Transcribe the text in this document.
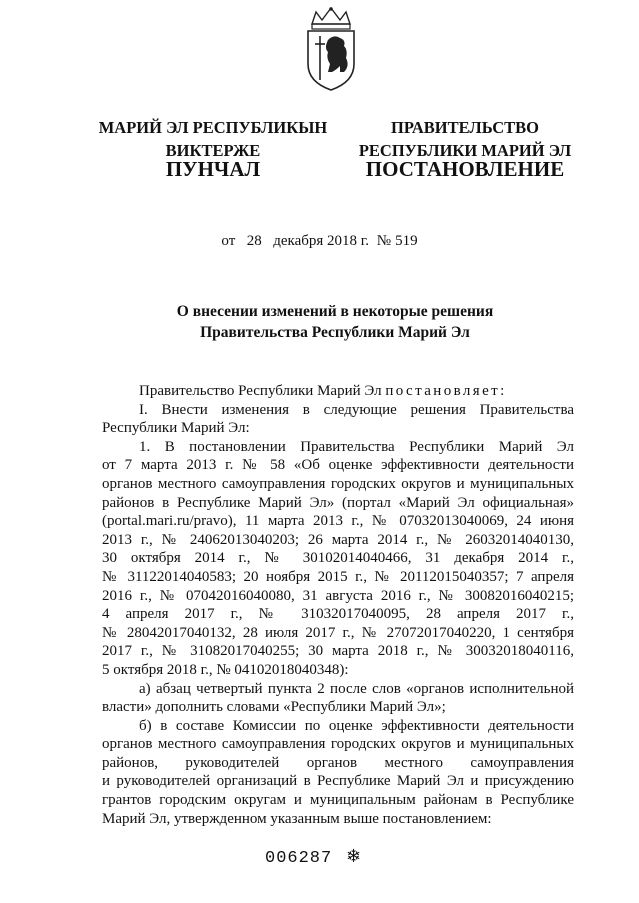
МАРИЙ ЭЛ РЕСПУБЛИКЫН
ВИКТЕРЖЕ
ПРАВИТЕЛЬСТВО
РЕСПУБЛИКИ МАРИЙ ЭЛ
ПУНЧАЛ	ПОСТАНОВЛЕНИЕ
от 28 декабря 2018 г. № 519
О внесении изменений в некоторые решения
Правительства Республики Марий Эл
Правительство Республики Марий Эл постановляет:
I. Внести изменения в следующие решения Правительства
Республики Марий Эл:
1. В постановлении Правительства Республики Марий Эл
от 7 марта 2013 г. № 58 «Об оценке эффективности деятельности
органов местного самоуправления городских округов и муниципальных
районов в Республике Марий Эл» (портал «Марий Эл официальная»
(portal.mari.ru/pravo), 11 марта 2013 г., № 07032013040069, 24 июня
2013 г., № 24062013040203; 26 марта 2014 г., № 26032014040130,
30 октября 2014 г., № 30102014040466, 31 декабря 2014 г.,
№ 31122014040583; 20 ноября 2015 г., № 20112015040357; 7 апреля
2016 г., № 07042016040080, 31 августа 2016 г., № 30082016040215;
4 апреля 2017 г., № 31032017040095, 28 апреля 2017 г.,
№ 28042017040132, 28 июля 2017 г., № 27072017040220, 1 сентября
2017 г., № 31082017040255; 30 марта 2018 г., № 30032018040116,
5 октября 2018 г., № 04102018040348):
а) абзац четвертый пункта 2 после слов «органов исполнительной
власти» дополнить словами «Республики Марий Эл»;
б) в составе Комиссии по оценке эффективности деятельности
органов местного самоуправления городских округов и муниципальных
районов, руководителей органов местного самоуправления
и руководителей организаций в Республике Марий Эл и присуждению
грантов городским округам и муниципальным районам в Республике
Марий Эл, утвержденном указанным выше постановлением:
006287 ❄
